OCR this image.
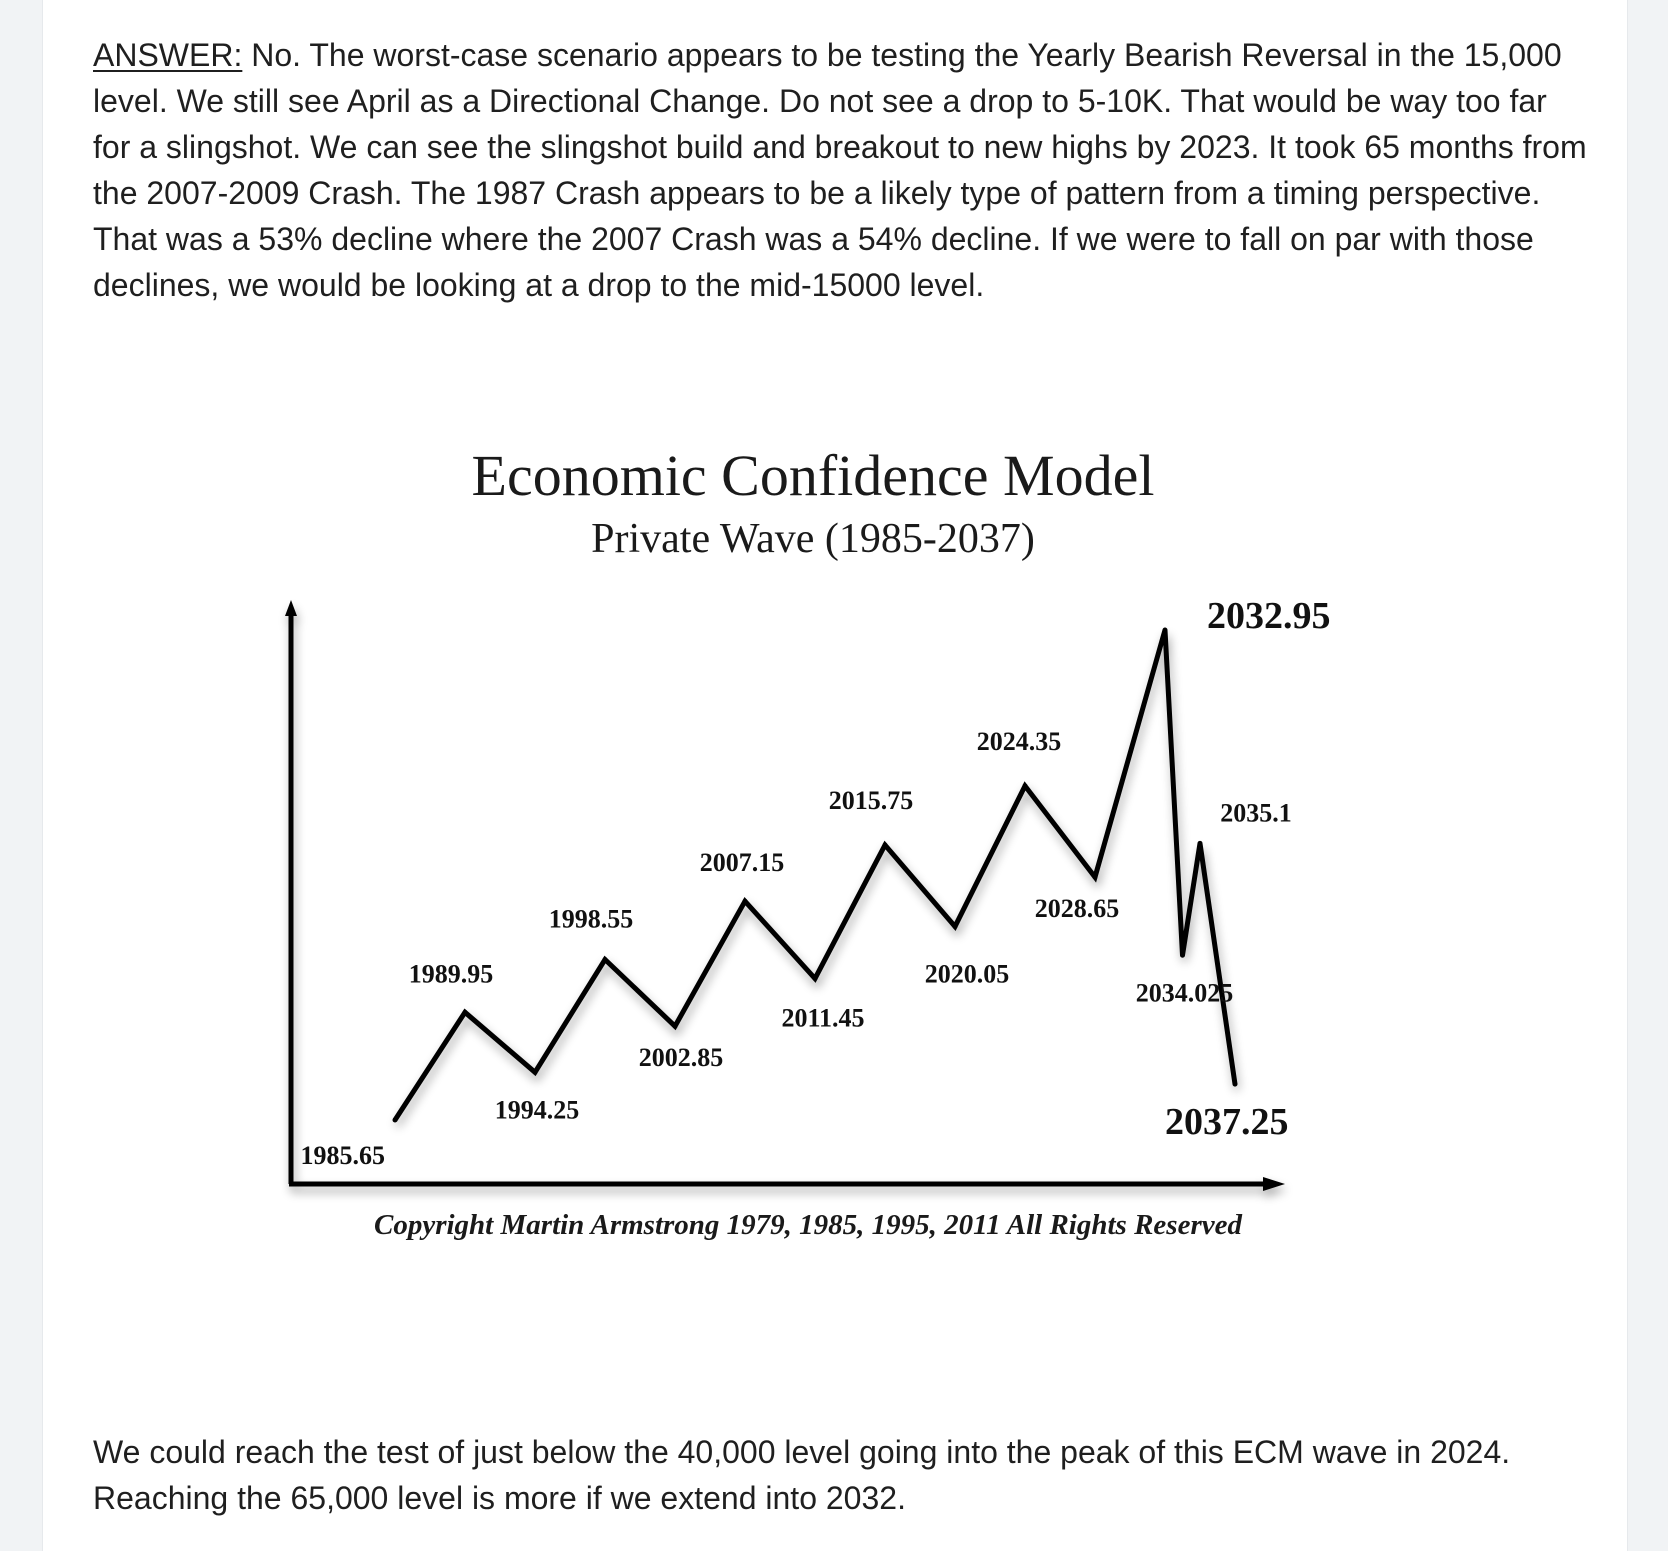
ANSWER: No. The worst-case scenario appears to be testing the Yearly Bearish Reversal in the 15,000 level. We still see April as a Directional Change. Do not see a drop to 5-10K. That would be way too far for a slingshot. We can see the slingshot build and breakout to new highs by 2023. It took 65 months from the 2007-2009 Crash. The 1987 Crash appears to be a likely type of pattern from a timing perspective. That was a 53% decline where the 2007 Crash was a 54% decline. If we were to fall on par with those declines, we would be looking at a drop to the mid-15000 level.

Economic Confidence Model
Private Wave (1985-2037)
1985.65
1989.95
1994.25
1998.55
2002.85
2007.15
2011.45
2015.75
2020.05
2024.35
2028.65
2032.95
2034.025
2035.1
2037.25
Copyright Martin Armstrong 1979, 1985, 1995, 2011 All Rights Reserved

We could reach the test of just below the 40,000 level going into the peak of this ECM wave in 2024. Reaching the 65,000 level is more if we extend into 2032.
